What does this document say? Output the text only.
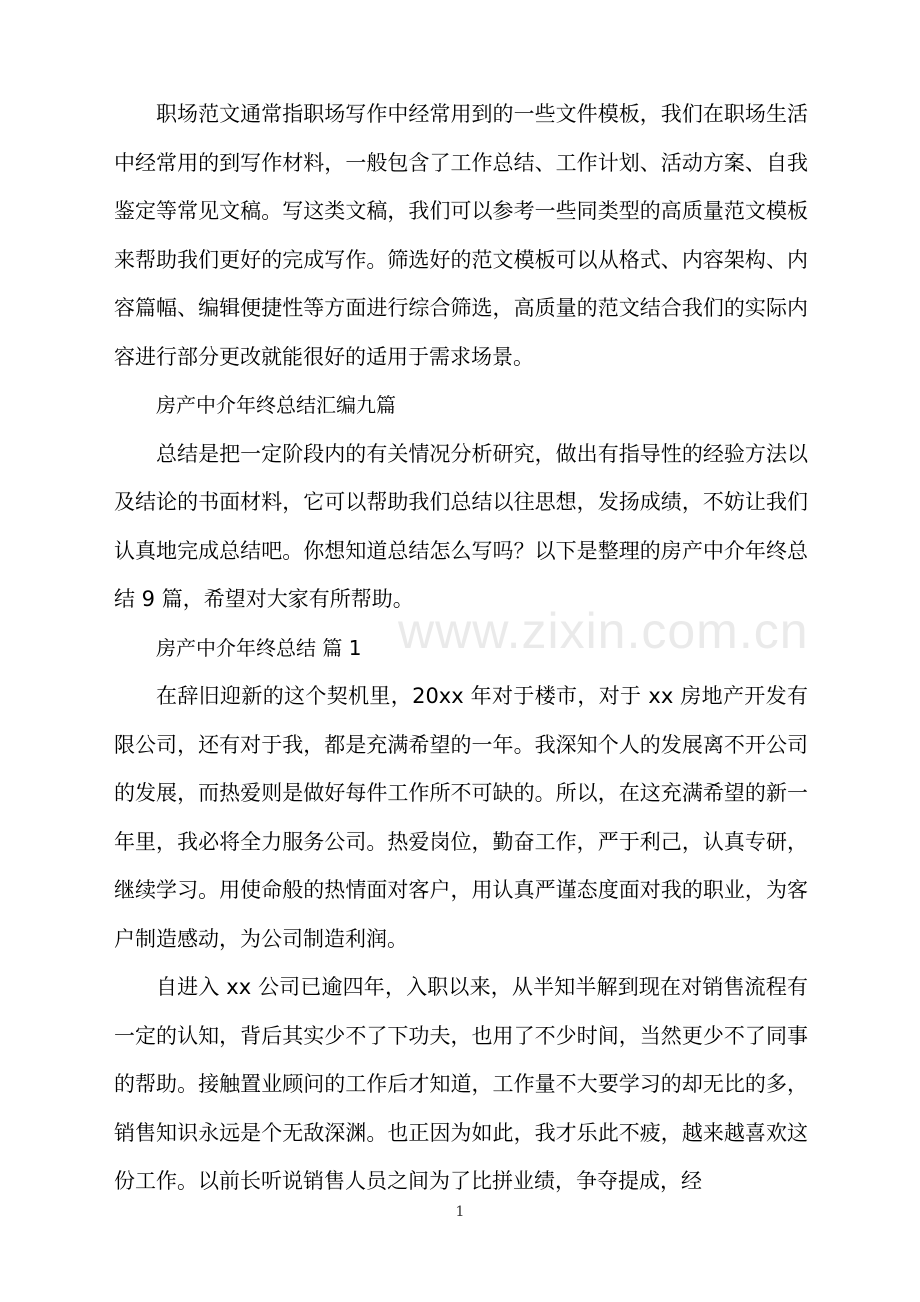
职场范文通常指职场写作中经常用到的一些文件模板，我们在职场生活中经常用的到写作材料，一般包含了工作总结、工作计划、活动方案、自我鉴定等常见文稿。写这类文稿，我们可以参考一些同类型的高质量范文模板来帮助我们更好的完成写作。筛选好的范文模板可以从格式、内容架构、内容篇幅、编辑便捷性等方面进行综合筛选，高质量的范文结合我们的实际内容进行部分更改就能很好的适用于需求场景。

房产中介年终总结汇编九篇

总结是把一定阶段内的有关情况分析研究，做出有指导性的经验方法以及结论的书面材料，它可以帮助我们总结以往思想，发扬成绩，不妨让我们认真地完成总结吧。你想知道总结怎么写吗？以下是整理的房产中介年终总结 9 篇，希望对大家有所帮助。

房产中介年终总结 篇 1

在辞旧迎新的这个契机里，20xx 年对于楼市，对于 xx 房地产开发有限公司，还有对于我，都是充满希望的一年。我深知个人的发展离不开公司的发展，而热爱则是做好每件工作所不可缺的。所以，在这充满希望的新一年里，我必将全力服务公司。热爱岗位，勤奋工作，严于利己，认真专研，继续学习。用使命般的热情面对客户，用认真严谨态度面对我的职业，为客户制造感动，为公司制造利润。

自进入 xx 公司已逾四年，入职以来，从半知半解到现在对销售流程有一定的认知，背后其实少不了下功夫，也用了不少时间，当然更少不了同事的帮助。接触置业顾问的工作后才知道，工作量不大要学习的却无比的多，销售知识永远是个无敌深渊。也正因为如此，我才乐此不疲，越来越喜欢这份工作。以前长听说销售人员之间为了比拼业绩，争夺提成，经

www.zixin.com.cn
1
